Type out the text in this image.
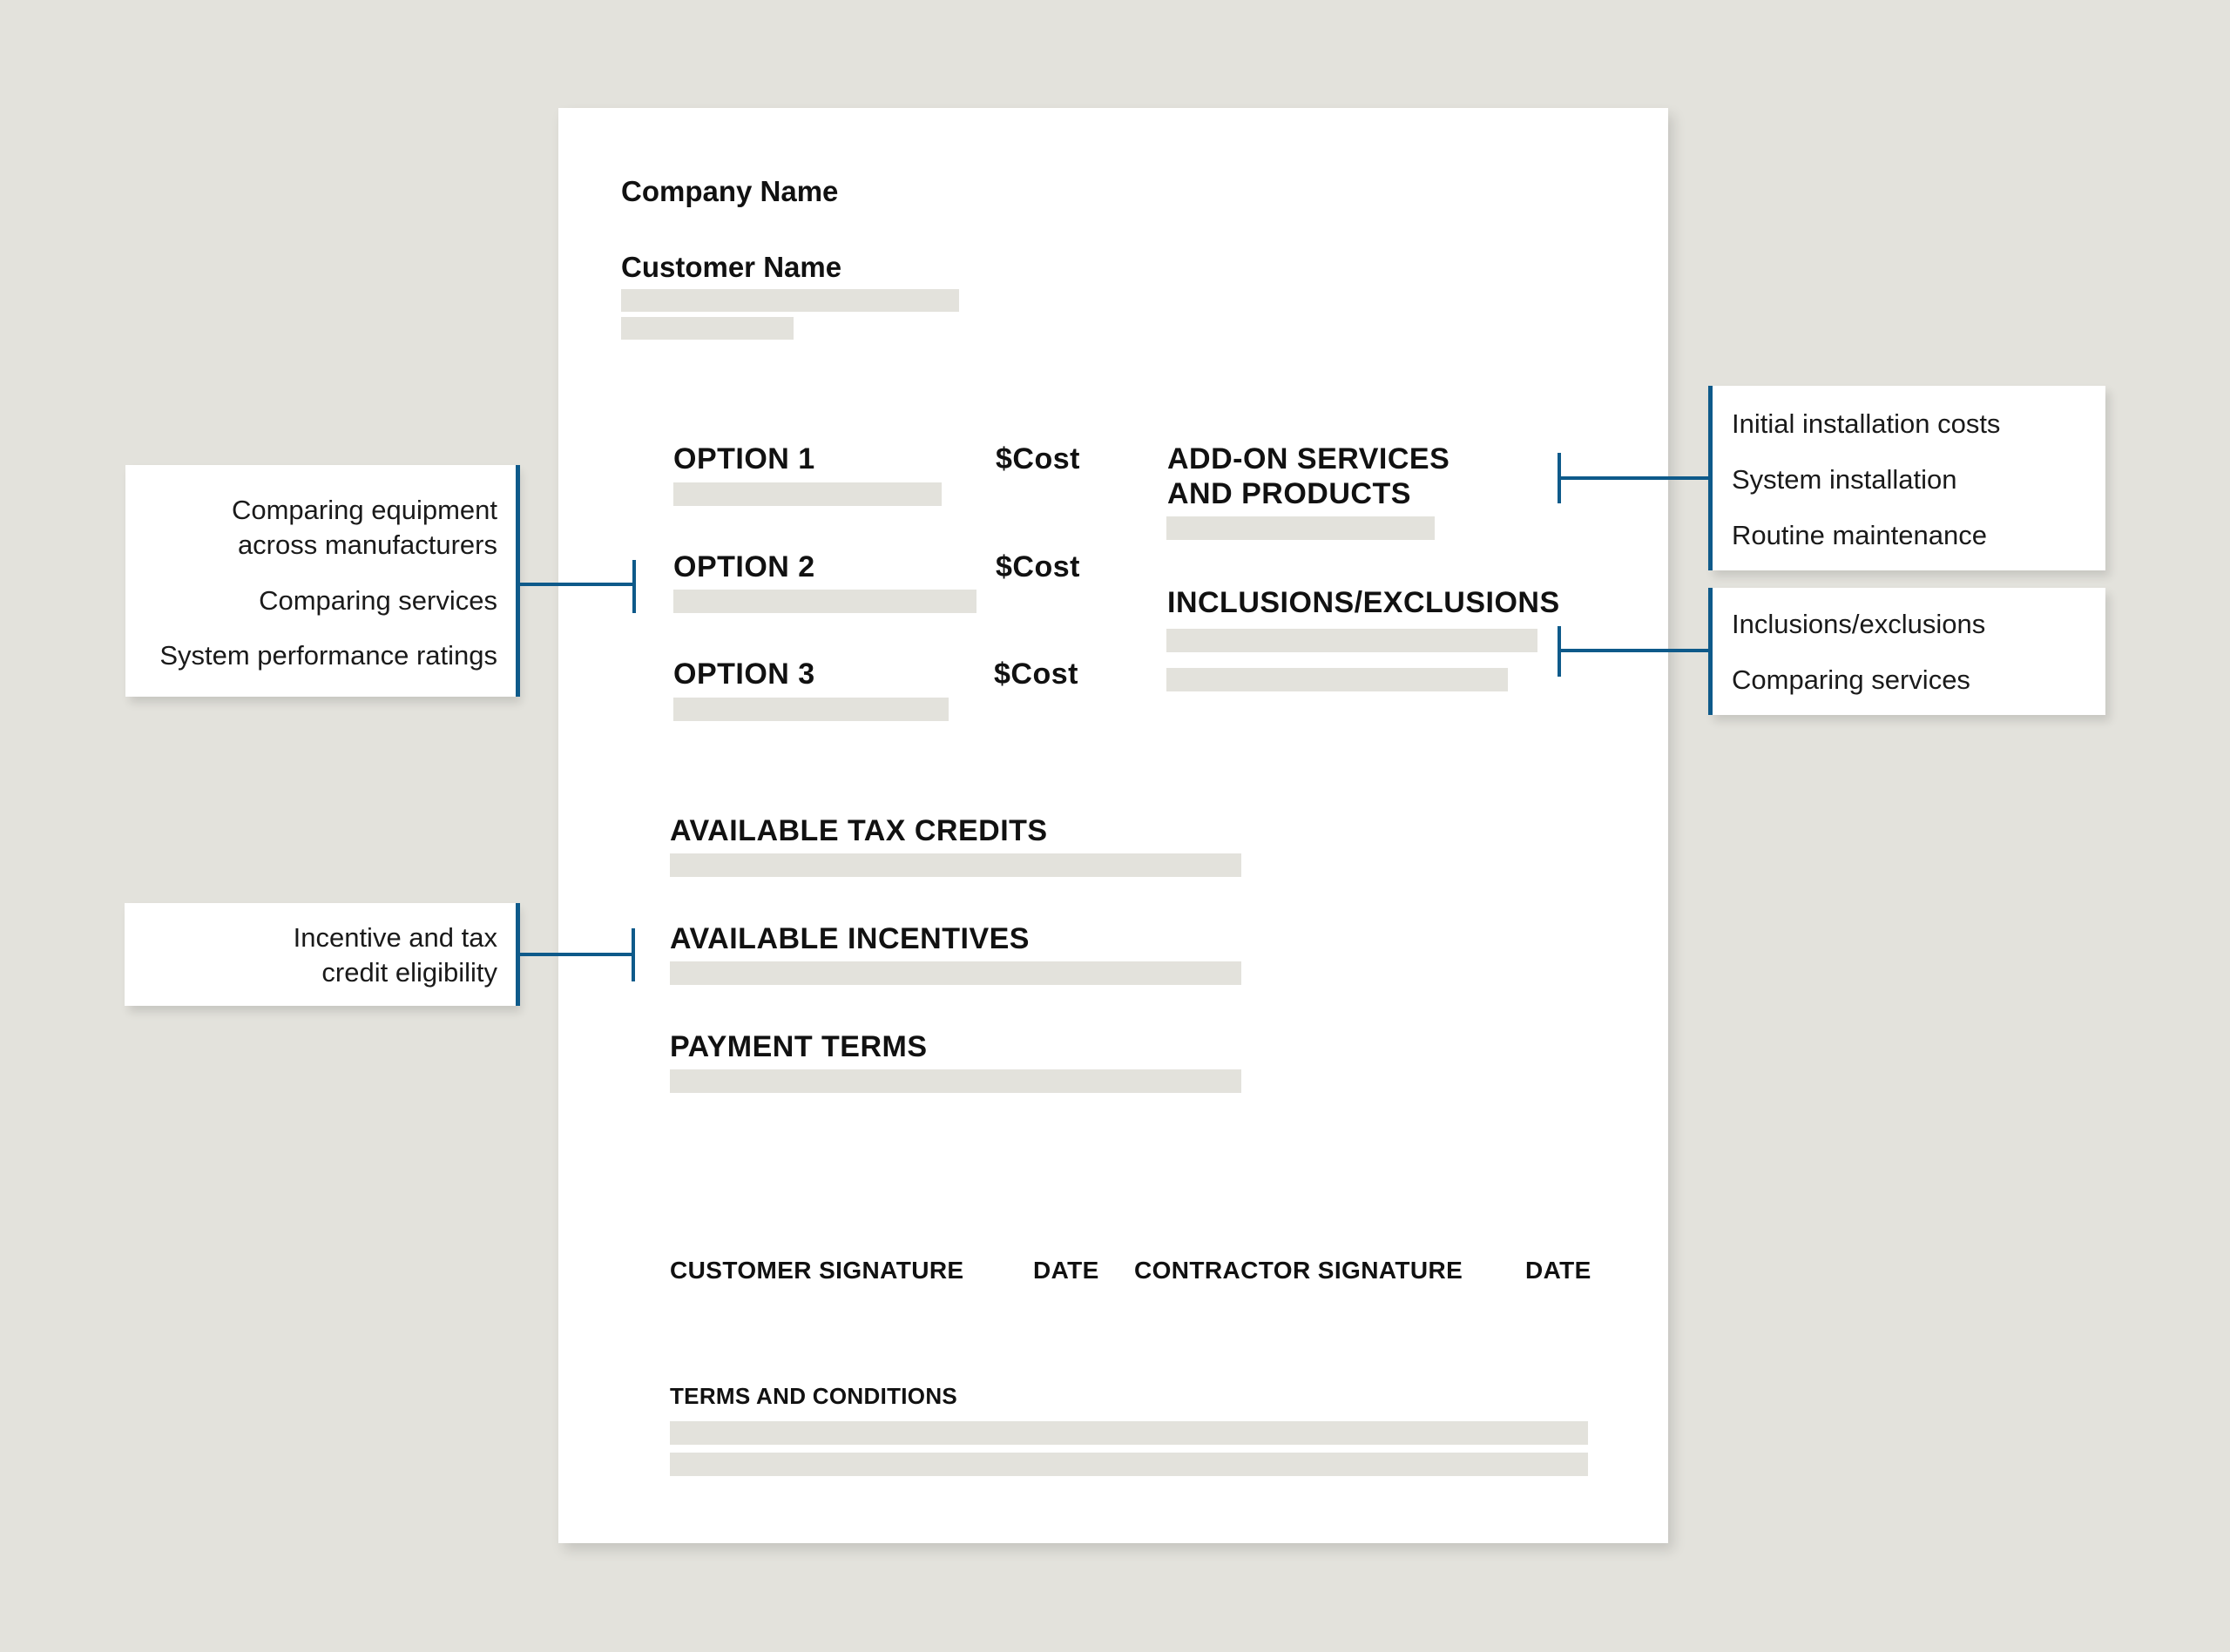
Company Name
Customer Name
OPTION 1	$Cost
OPTION 2	$Cost
OPTION 3	$Cost
ADD-ON SERVICES
AND PRODUCTS
INCLUSIONS/EXCLUSIONS
AVAILABLE TAX CREDITS
AVAILABLE INCENTIVES
PAYMENT TERMS
CUSTOMER SIGNATURE	DATE CONTRACTOR SIGNATURE	DATE
TERMS AND CONDITIONS
Comparing equipment
across manufacturers
Comparing services
System performance ratings
Incentive and tax
credit eligibility
Initial installation costs
System installation
Routine maintenance
Inclusions/exclusions
Comparing services
